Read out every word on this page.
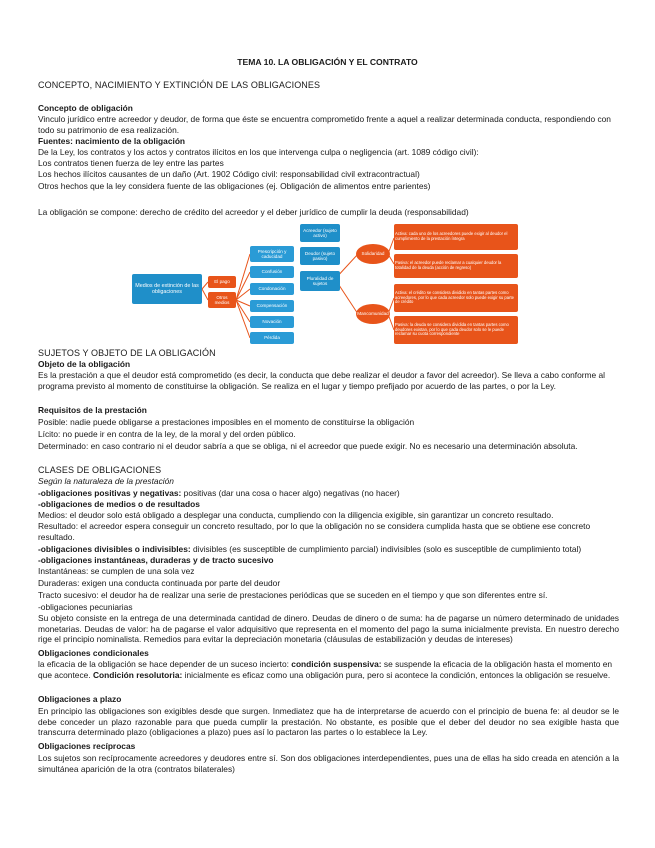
TEMA 10. LA OBLIGACIÓN Y EL CONTRATO
CONCEPTO, NACIMIENTO Y EXTINCIÓN DE LAS OBLIGACIONES
Concepto de obligación
Vinculo jurídico entre acreedor y deudor, de forma que éste se encuentra comprometido frente a aquel a realizar determinada conducta, respondiendo con todo su patrimonio de esa realización.
Fuentes: nacimiento de la obligación
De la Ley, los contratos y los actos y contratos ilícitos en los que intervenga culpa o negligencia (art. 1089 código civil):
Los contratos tienen fuerza de ley entre las partes
Los hechos ilícitos causantes de un daño (Art. 1902 Código civil: responsabilidad civil extracontractual)
Otros hechos que la ley considera fuente de las obligaciones (ej. Obligación de alimentos entre parientes)
La obligación se compone: derecho de crédito del acreedor y el deber jurídico de cumplir la deuda (responsabilidad)
Medios de extinción de las obligaciones
El pago
Otros medios
Prescripción y caducidad
Confusión
Condonación
Compensación
Novación
Pérdida
Acreedor (sujeto activo)
Deudor (sujeto pasivo)
Pluralidad de sujetos
Solidaridad
Mancomunidad
Activa: cada uno de los acreedores puede exigir al deudor el cumplimiento de la prestación íntegra
Pasiva: el acreedor puede reclamar a cualquier deudor la totalidad de la deuda (acción de regreso)
Activa: el crédito se considera dividido en tantas partes como acreedores, por lo que cada acreedor solo puede exigir su parte de crédito
Pasiva: la deuda se considera dividida en tantas partes como deudores existan, por lo que cada deudor solo se le puede reclamar su cuota correspondiente
SUJETOS Y OBJETO DE LA OBLIGACIÓN
Objeto de la obligación
Es la prestación a que el deudor está comprometido (es decir, la conducta que debe realizar el deudor a favor del acreedor). Se lleva a cabo conforme al programa previsto al momento de constituirse la obligación. Se realiza en el lugar y tiempo prefijado por acuerdo de las partes, o por la Ley.
Requisitos de la prestación
Posible: nadie puede obligarse a prestaciones imposibles en el momento de constituirse la obligación
Lícito: no puede ir en contra de la ley, de la moral y del orden público.
Determinado: en caso contrario ni el deudor sabría a que se obliga, ni el acreedor que puede exigir. No es necesario una determinación absoluta.
CLASES DE OBLIGACIONES
Según la naturaleza de la prestación
-obligaciones positivas y negativas: positivas (dar una cosa o hacer algo) negativas (no hacer)
-obligaciones de medios o de resultados
Medios: el deudor solo está obligado a desplegar una conducta, cumpliendo con la diligencia exigible, sin garantizar un concreto resultado.
Resultado: el acreedor espera conseguir un concreto resultado, por lo que la obligación no se considera cumplida hasta que se obtiene ese concreto resultado.
-obligaciones divisibles o indivisibles: divisibles (es susceptible de cumplimiento parcial) indivisibles (solo es susceptible de cumplimiento total)
-obligaciones instantáneas, duraderas y de tracto sucesivo
Instantáneas: se cumplen de una sola vez
Duraderas: exigen una conducta continuada por parte del deudor
Tracto sucesivo: el deudor ha de realizar una serie de prestaciones periódicas que se suceden en el tiempo y que son diferentes entre sí.
-obligaciones pecuniarias
Su objeto consiste en la entrega de una determinada cantidad de dinero. Deudas de dinero o de suma: ha de pagarse un número determinado de unidades monetarias. Deudas de valor: ha de pagarse el valor adquisitivo que representa en el momento del pago la suma inicialmente prevista. En nuestro derecho rige el principio nominalista. Remedios para evitar la depreciación monetaria (cláusulas de estabilización y deudas de intereses)
Obligaciones condicionales
la eficacia de la obligación se hace depender de un suceso incierto: condición suspensiva: se suspende la eficacia de la obligación hasta el momento en que acontece. Condición resolutoria: inicialmente es eficaz como una obligación pura, pero si acontece la condición, entonces la obligación se resuelve.
Obligaciones a plazo
En principio las obligaciones son exigibles desde que surgen. Inmediatez que ha de interpretarse de acuerdo con el principio de buena fe: al deudor se le debe conceder un plazo razonable para que pueda cumplir la prestación. No obstante, es posible que el deber del deudor no sea exigible hasta que transcurra determinado plazo (obligaciones a plazo) pues así lo pactaron las partes o lo establece la Ley.
Obligaciones recíprocas
Los sujetos son recíprocamente acreedores y deudores entre sí. Son dos obligaciones interdependientes, pues una de ellas ha sido creada en atención a la simultánea aparición de la otra (contratos bilaterales)
